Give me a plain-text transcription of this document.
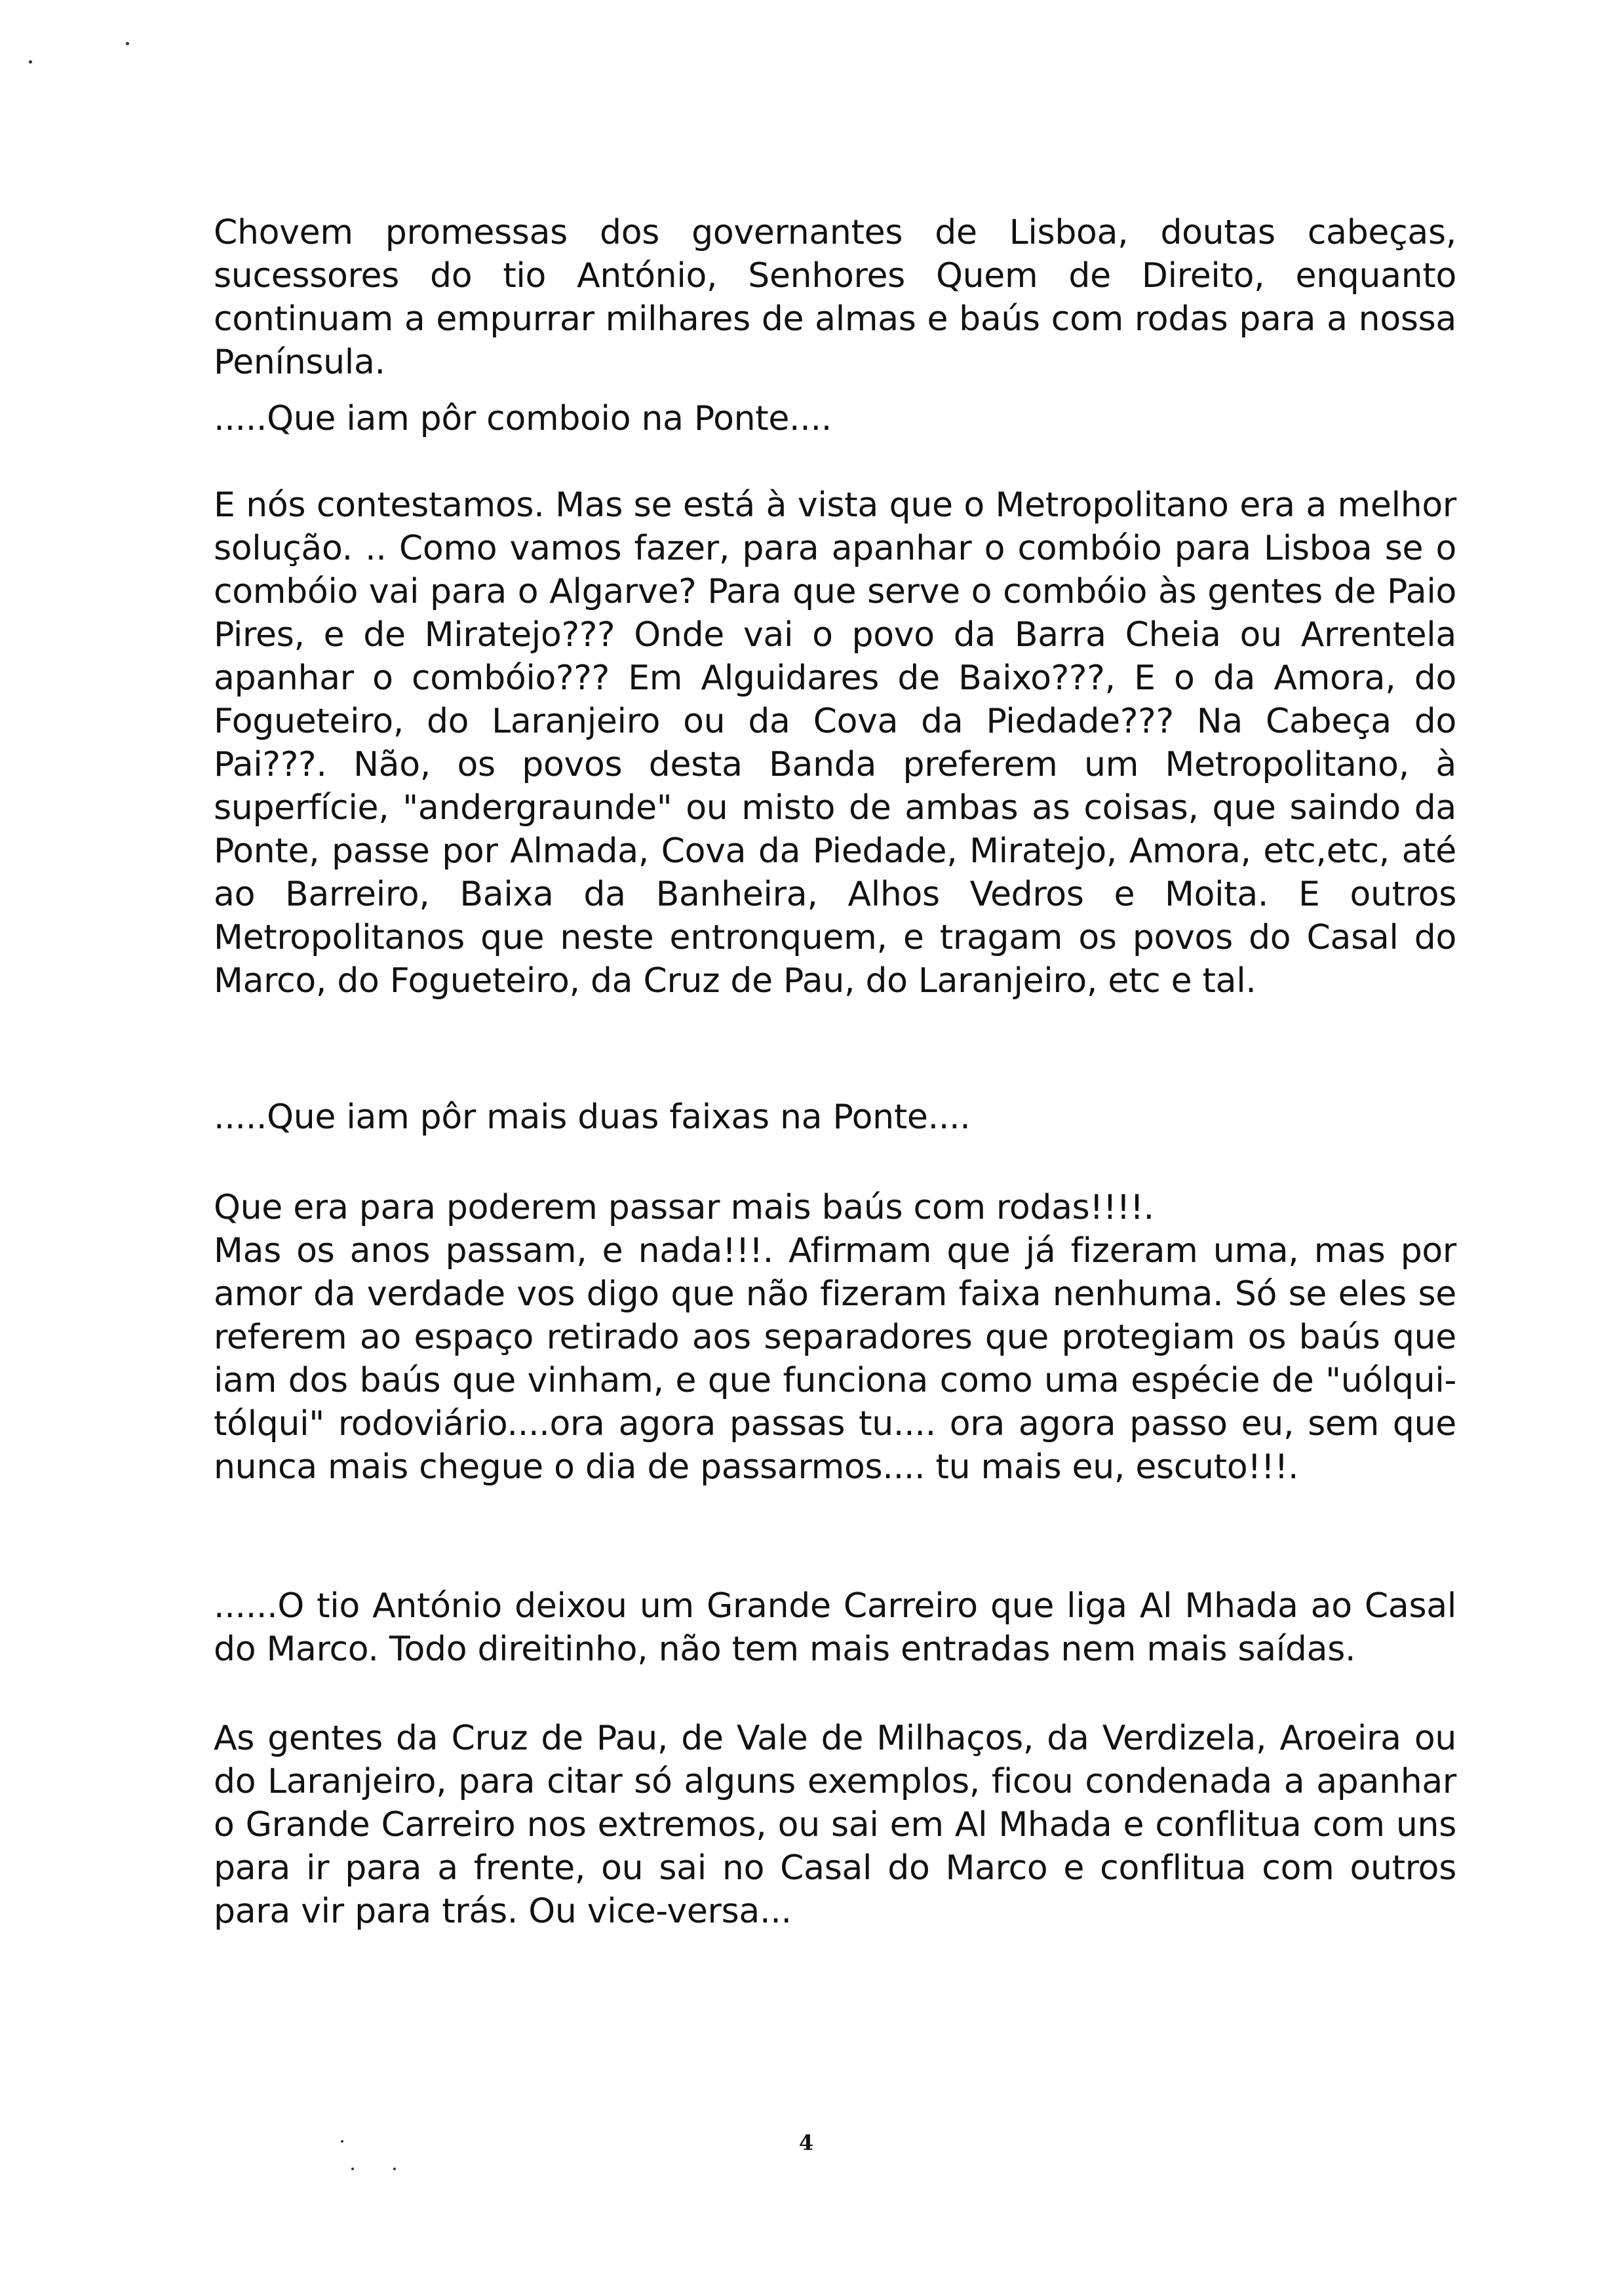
Chovem promessas dos governantes de Lisboa, doutas cabeças, sucessores do tio António, Senhores Quem de Direito, enquanto continuam a empurrar milhares de almas e baús com rodas para a nossa Península.

.....Que iam pôr comboio na Ponte....

E nós contestamos. Mas se está à vista que o Metropolitano era a melhor solução. .. Como vamos fazer, para apanhar o combóio para Lisboa se o combóio vai para o Algarve? Para que serve o combóio às gentes de Paio Pires, e de Miratejo??? Onde vai o povo da Barra Cheia ou Arrentela apanhar o combóio??? Em Alguidares de Baixo???, E o da Amora, do Fogueteiro, do Laranjeiro ou da Cova da Piedade??? Na Cabeça do Pai???. Não, os povos desta Banda preferem um Metropolitano, à superfície, "andergraunde" ou misto de ambas as coisas, que saindo da Ponte, passe por Almada, Cova da Piedade, Miratejo, Amora, etc,etc, até ao Barreiro, Baixa da Banheira, Alhos Vedros e Moita. E outros Metropolitanos que neste entronquem, e tragam os povos do Casal do Marco, do Fogueteiro, da Cruz de Pau, do Laranjeiro, etc e tal.

.....Que iam pôr mais duas faixas na Ponte....

Que era para poderem passar mais baús com rodas!!!!.

Mas os anos passam, e nada!!!. Afirmam que já fizeram uma, mas por amor da verdade vos digo que não fizeram faixa nenhuma. Só se eles se referem ao espaço retirado aos separadores que protegiam os baús que iam dos baús que vinham, e que funciona como uma espécie de "uólqui-tólqui" rodoviário....ora agora passas tu.... ora agora passo eu, sem que nunca mais chegue o dia de passarmos.... tu mais eu, escuto!!!.

......O tio António deixou um Grande Carreiro que liga Al Mhada ao Casal do Marco. Todo direitinho, não tem mais entradas nem mais saídas.

As gentes da Cruz de Pau, de Vale de Milhaços, da Verdizela, Aroeira ou do Laranjeiro, para citar só alguns exemplos, ficou condenada a apanhar o Grande Carreiro nos extremos, ou sai em Al Mhada e conflitua com uns para ir para a frente, ou sai no Casal do Marco e conflitua com outros para vir para trás. Ou vice-versa...

4
